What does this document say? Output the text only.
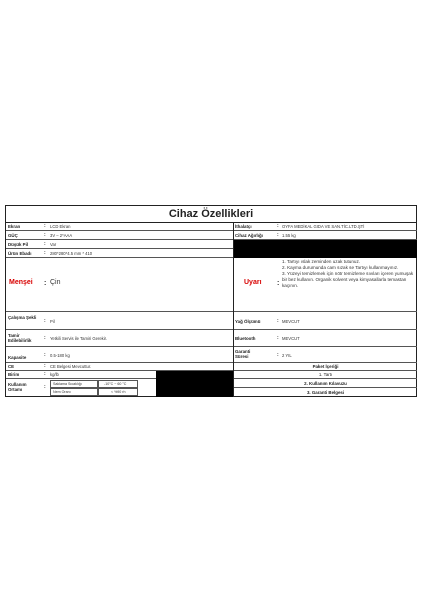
Cihaz Özellikleri
Ekran	: LCD Ekran
GÜÇ	: 3V – 2*AAA
Düşük Pil	: Var
Ürün Ebadı	: 280*280*4.5 mm * 410
Menşei : Çin
Çalışma Şekli
: Pil
Tamir Edilebilirlik	: Yetkili Servis ile Tamiri Gerekir.
Kapasite	: 0.5-180 kg
CE	: CE Belgesi Mevcuttur.
Birim	: kg/lb
Kullanım Ortamı	: Saklama Sıcaklığı	-10°C ~ 60 °C
Nem Oranı	< %90 rh
İthalatçı	: OYFA MEDİKAL GIDA VE SAN.TİC.LTD.ŞTİ
Cihaz Ağırlığı	: 1.55 kg
Uyarı :
1. Tartıyı ıslak zeminden uzak tutunuz.
2. Kayma durumunda cam sızak se Tartıyı kullanmayınız.
3. Yüzeyi temizlemek için nötr temizleme sıvıları içeren yumuşak bir bez kullanın. Organik solvent veya kimyasallarla temastan kaçının.
Yağ Ölçümü	: MEVCUT
Bluetooth	: MEVCUT
Garanti Süresi	: 2 YIL
Paket İçeriği
1. Tartı
2. Kullanım Kılavuzu
3. Garanti Belgesi
